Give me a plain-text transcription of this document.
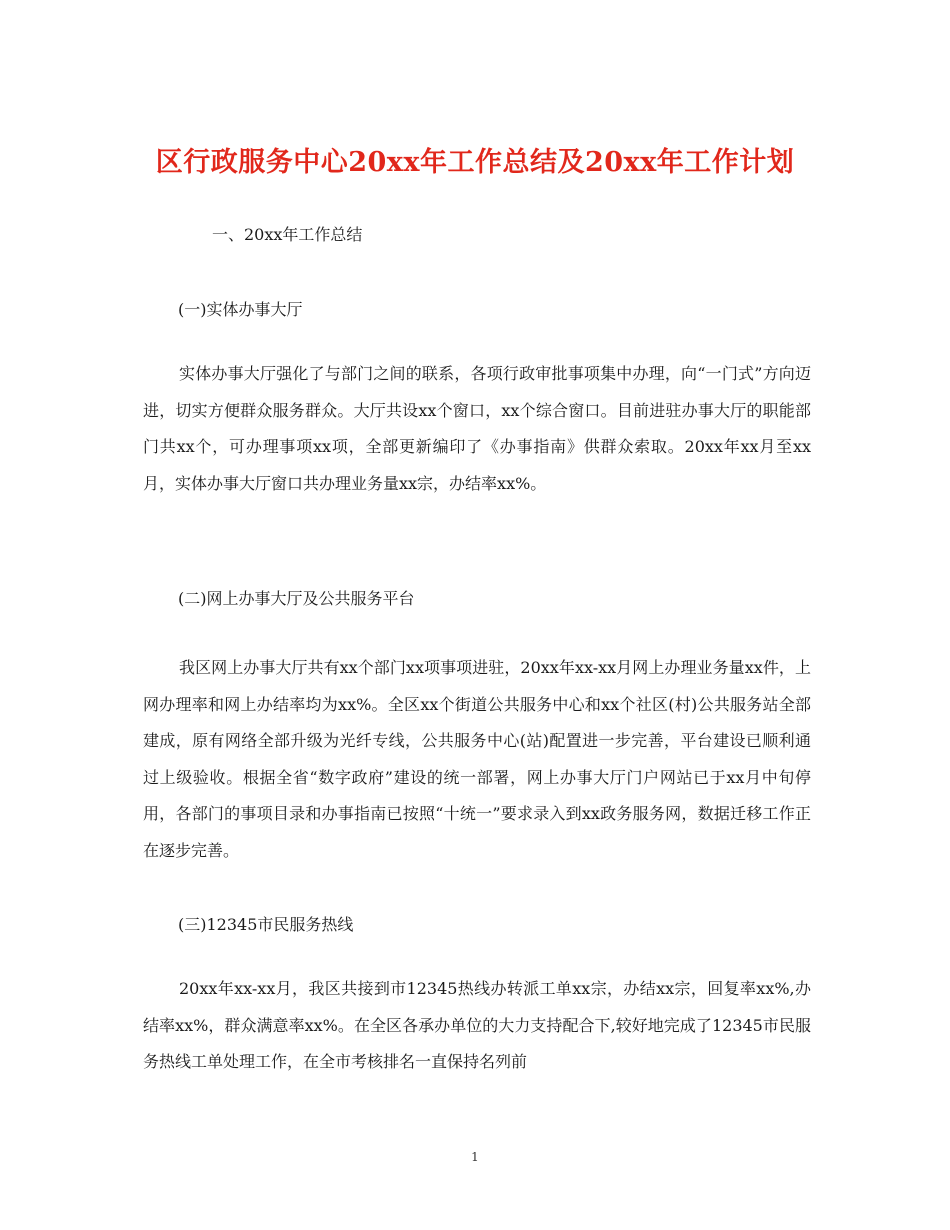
区行政服务中心20xx年工作总结及20xx年工作计划
一、20xx年工作总结
(一)实体办事大厅

实体办事大厅强化了与部门之间的联系，各项行政审批事项集中办理，向“一门式”方向迈进，切实方便群众服务群众。大厅共设xx个窗口，xx个综合窗口。目前进驻办事大厅的职能部门共xx个，可办理事项xx项，全部更新编印了《办事指南》供群众索取。20xx年xx月至xx月，实体办事大厅窗口共办理业务量xx宗，办结率xx%。

(二)网上办事大厅及公共服务平台

我区网上办事大厅共有xx个部门xx项事项进驻，20xx年xx-xx月网上办理业务量xx件，上网办理率和网上办结率均为xx%。全区xx个街道公共服务中心和xx个社区(村)公共服务站全部建成，原有网络全部升级为光纤专线，公共服务中心(站)配置进一步完善，平台建设已顺利通过上级验收。根据全省“数字政府”建设的统一部署，网上办事大厅门户网站已于xx月中旬停用，各部门的事项目录和办事指南已按照“十统一”要求录入到xx政务服务网，数据迁移工作正在逐步完善。

(三)12345市民服务热线

20xx年xx-xx月，我区共接到市12345热线办转派工单xx宗，办结xx宗，回复率xx%,办结率xx%，群众满意率xx%。在全区各承办单位的大力支持配合下,较好地完成了12345市民服务热线工单处理工作，在全市考核排名一直保持名列前

1
